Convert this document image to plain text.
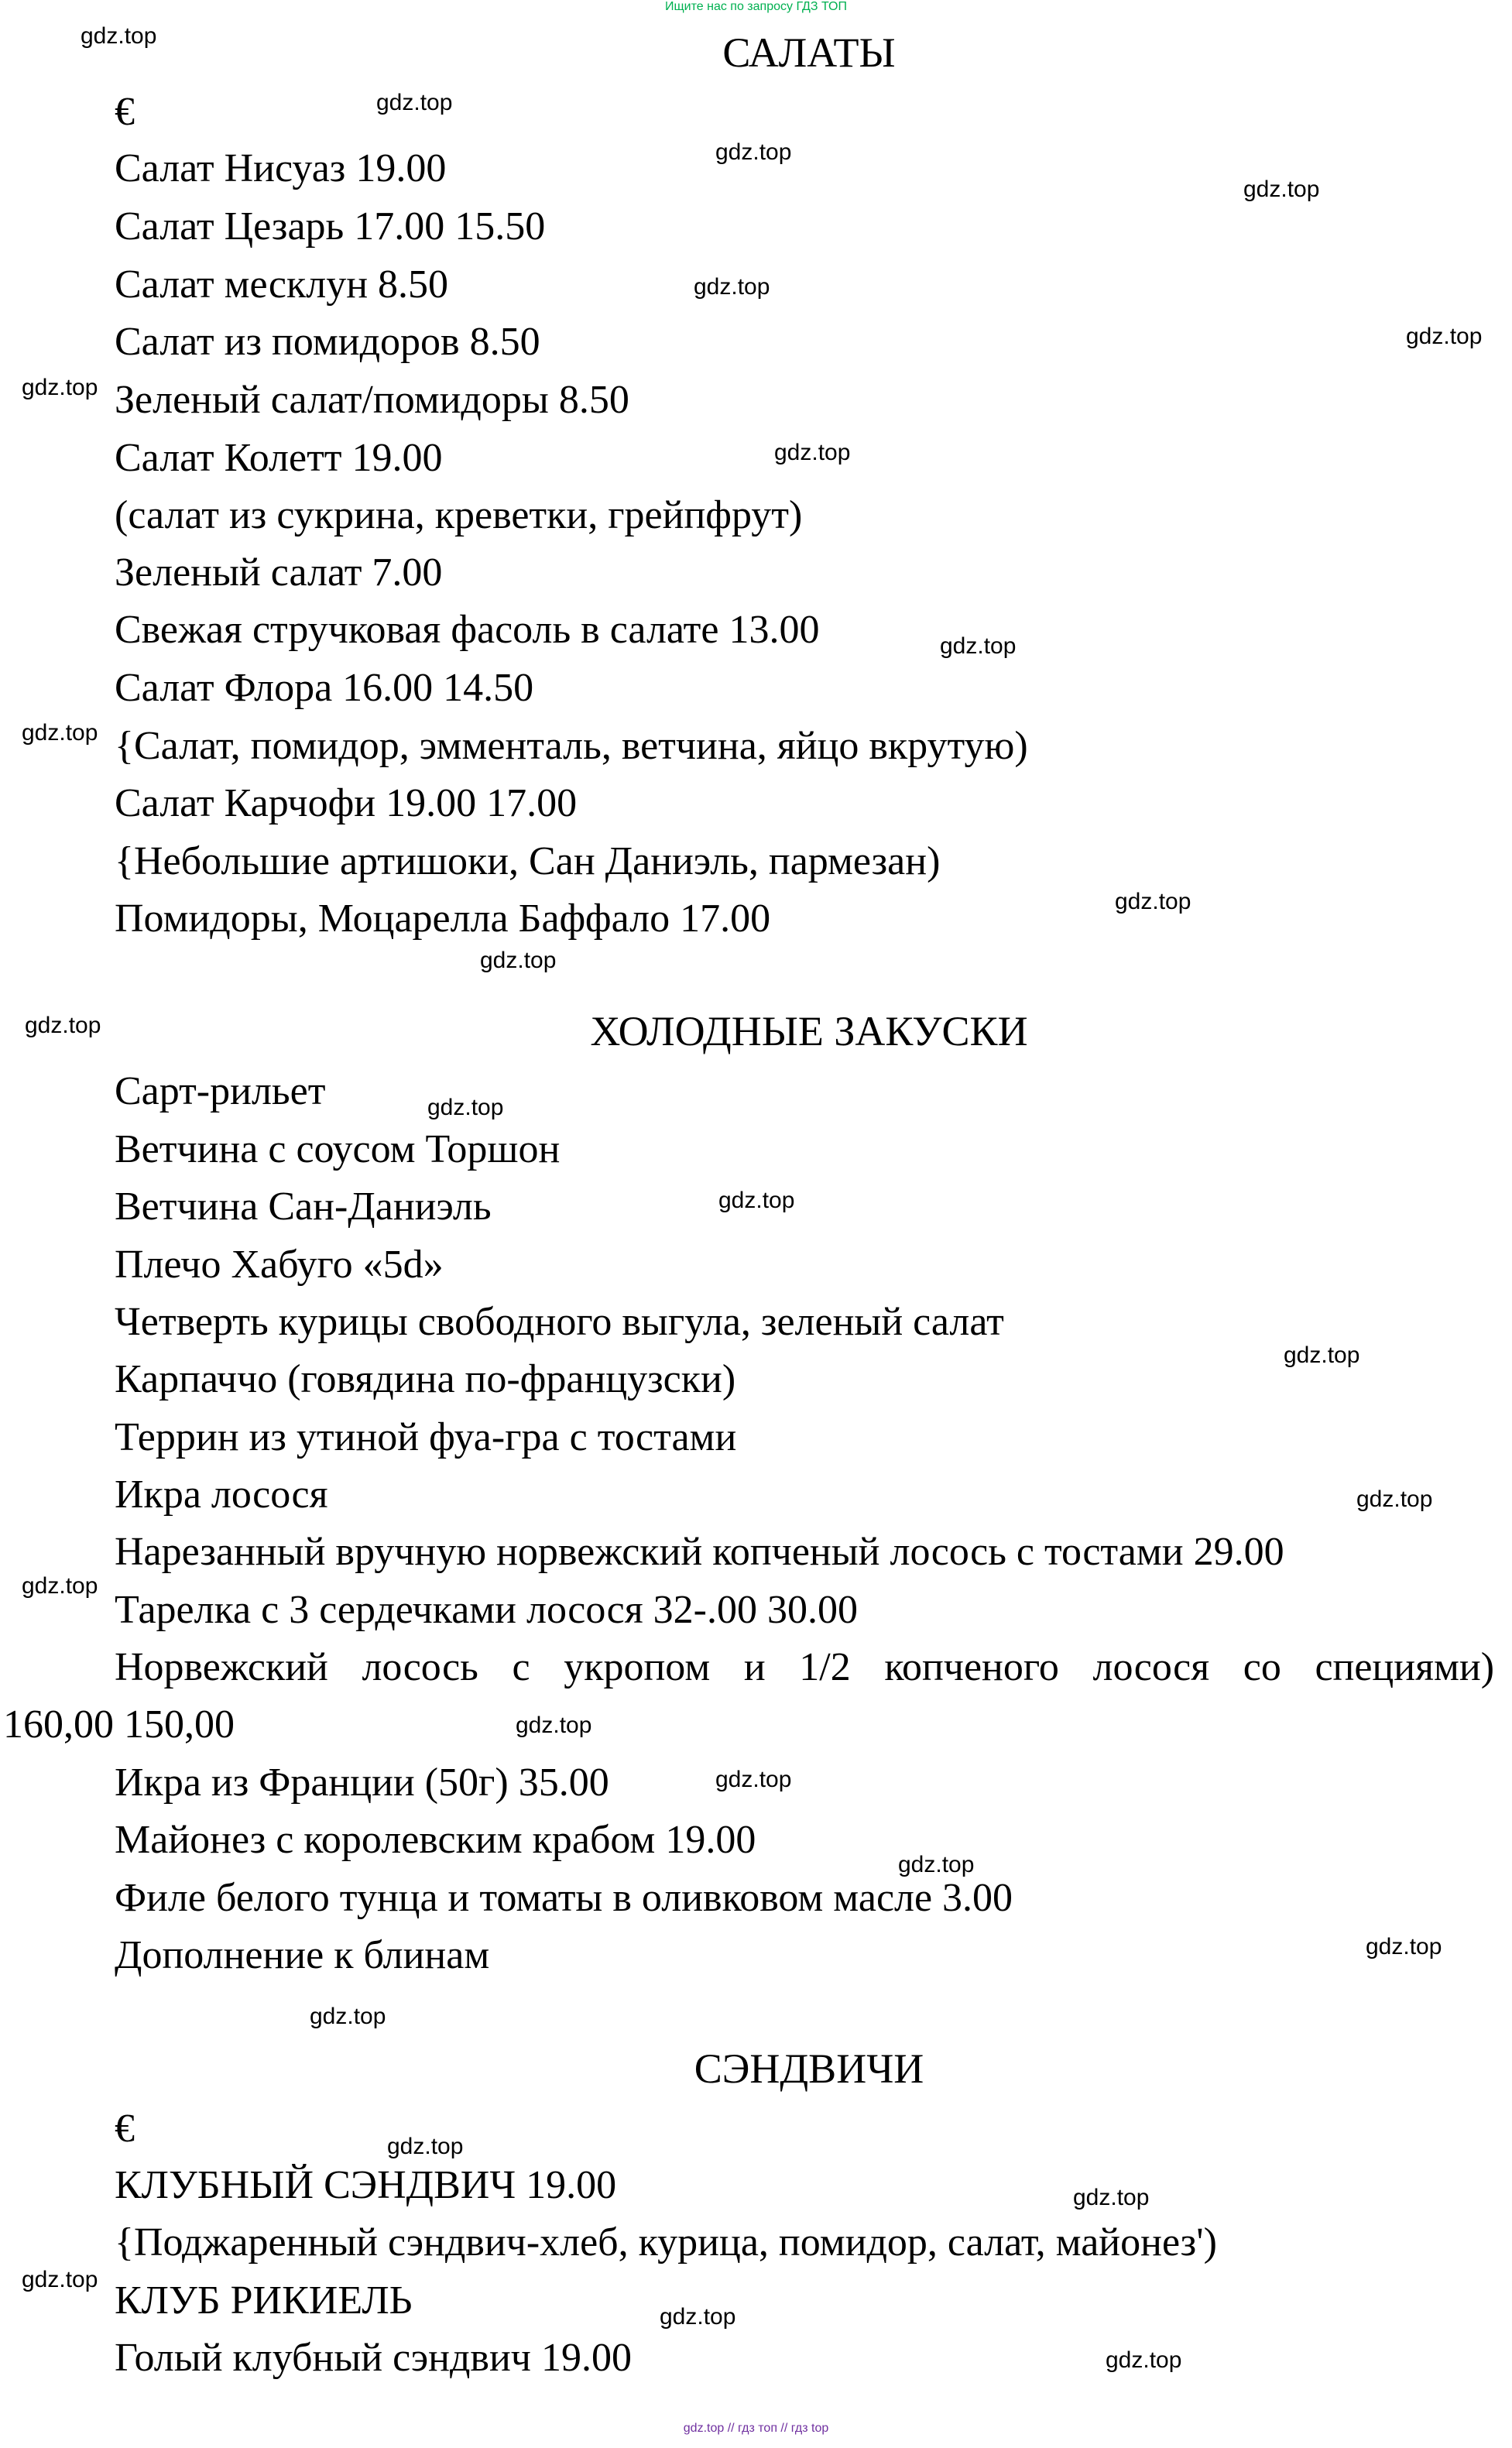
Ищите нас по запросу ГДЗ ТОП
САЛАТЫ
€
Салат Нисуаз 19.00
Салат Цезарь 17.00 15.50
Салат месклун 8.50
Салат из помидоров 8.50
Зеленый салат/помидоры 8.50
Салат Колетт 19.00
(салат из сукрина, креветки, грейпфрут)
Зеленый салат 7.00
Свежая стручковая фасоль в салате 13.00
Салат Флора 16.00 14.50
{Салат, помидор, эмменталь, ветчина, яйцо вкрутую)
Салат Карчофи 19.00 17.00
{Небольшие артишоки, Сан Даниэль, пармезан)
Помидоры, Моцарелла Баффало 17.00
ХОЛОДНЫЕ ЗАКУСКИ
Сарт-рильет
Ветчина с соусом Торшон
Ветчина Сан-Даниэль
Плечо Хабуго «5d»
Четверть курицы свободного выгула, зеленый салат
Карпаччо (говядина по-французски)
Террин из утиной фуа-гра с тостами
Икра лосося
Нарезанный вручную норвежский копченый лосось с тостами 29.00
Тарелка с 3 сердечками лосося 32-.00 30.00
Норвежский лосось с укропом и 1/2 копченого лосося со специями)
160,00 150,00
Икра из Франции (50г) 35.00
Майонез с королевским крабом 19.00
Филе белого тунца и томаты в оливковом масле 3.00
Дополнение к блинам
СЭНДВИЧИ
€
КЛУБНЫЙ СЭНДВИЧ 19.00
{Поджаренный сэндвич-хлеб, курица, помидор, салат, майонез')
КЛУБ РИКИЕЛЬ
Голый клубный сэндвич 19.00
gdz.top
gdz.top
gdz.top
gdz.top
gdz.top
gdz.top
gdz.top
gdz.top
gdz.top
gdz.top
gdz.top
gdz.top
gdz.top
gdz.top
gdz.top
gdz.top
gdz.top
gdz.top
gdz.top
gdz.top
gdz.top
gdz.top
gdz.top
gdz.top
gdz.top
gdz.top
gdz.top
gdz.top
gdz.top // гдз топ // гдз top
